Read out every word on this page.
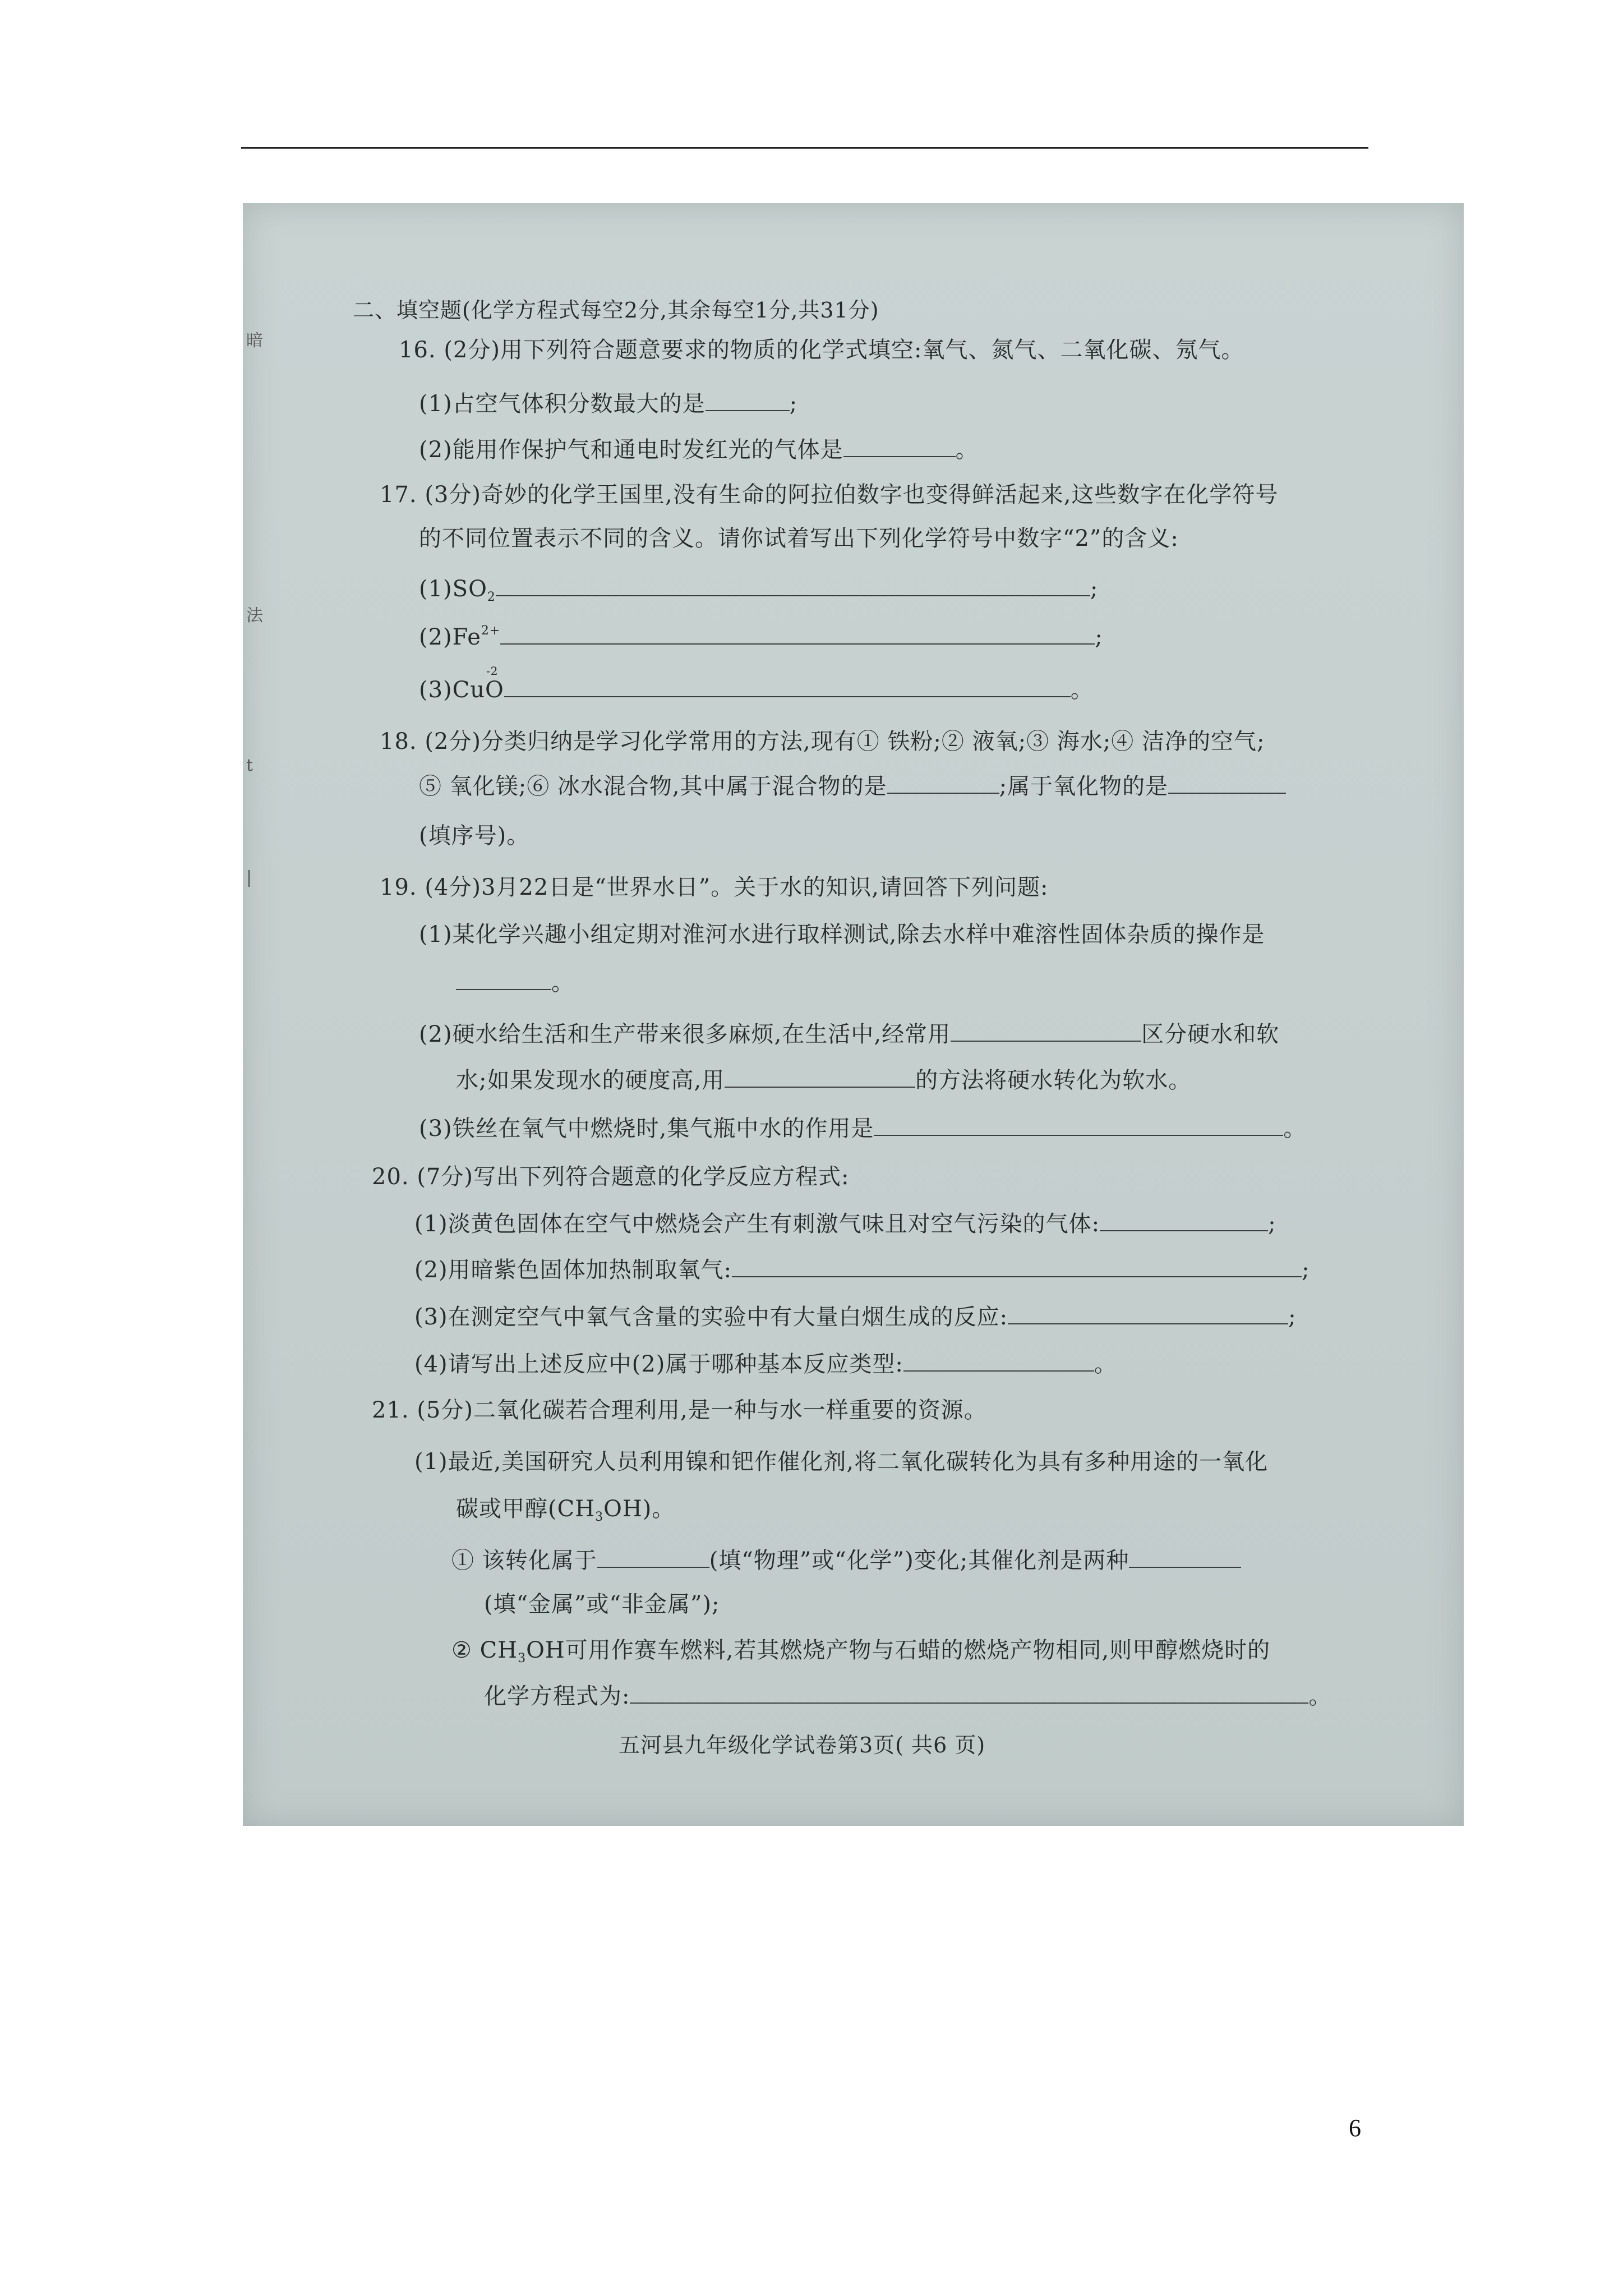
暗
法
t
|
二、填空题(化学方程式每空2分,其余每空1分,共31分)
16. (2分)用下列符合题意要求的物质的化学式填空:氧气、氮气、二氧化碳、氖气。
(1)占空气体积分数最大的是	;
(2)能用作保护气和通电时发红光的气体是	。
17. (3分)奇妙的化学王国里,没有生命的阿拉伯数字也变得鲜活起来,这些数字在化学符号
的不同位置表示不同的含义。请你试着写出下列化学符号中数字“2”的含义:
$(1)SO_2$	;
$(2)Fe^{2+}$	;
(3)Cu
-2
O	。
18. (2分)分类归纳是学习化学常用的方法,现有① 铁粉;② 液氧;③ 海水;④ 洁净的空气;
⑤ 氧化镁;⑥ 冰水混合物,其中属于混合物的是	;属于氧化物的是
(填序号)。
19. (4分)3月22日是“世界水日”。关于水的知识,请回答下列问题:
(1)某化学兴趣小组定期对淮河水进行取样测试,除去水样中难溶性固体杂质的操作是
。
(2)硬水给生活和生产带来很多麻烦,在生活中,经常用	区分硬水和软
水;如果发现水的硬度高,用	的方法将硬水转化为软水。
(3)铁丝在氧气中燃烧时,集气瓶中水的作用是	。
20. (7分)写出下列符合题意的化学反应方程式:
(1)淡黄色固体在空气中燃烧会产生有刺激气味且对空气污染的气体:	;
(2)用暗紫色固体加热制取氧气:	;
(3)在测定空气中氧气含量的实验中有大量白烟生成的反应:	;
(4)请写出上述反应中(2)属于哪种基本反应类型:	。
21. (5分)二氧化碳若合理利用,是一种与水一样重要的资源。
(1)最近,美国研究人员利用镍和钯作催化剂,将二氧化碳转化为具有多种用途的一氧化
碳或甲醇$(CH_3OH)$。
① 该转化属于	(填“物理”或“化学”)变化;其催化剂是两种
(填“金属”或“非金属”);
② $CH_3OH$可用作赛车燃料,若其燃烧产物与石蜡的燃烧产物相同,则甲醇燃烧时的
化学方程式为:	。
五河县九年级化学试卷第3页( 共6 页)
6
